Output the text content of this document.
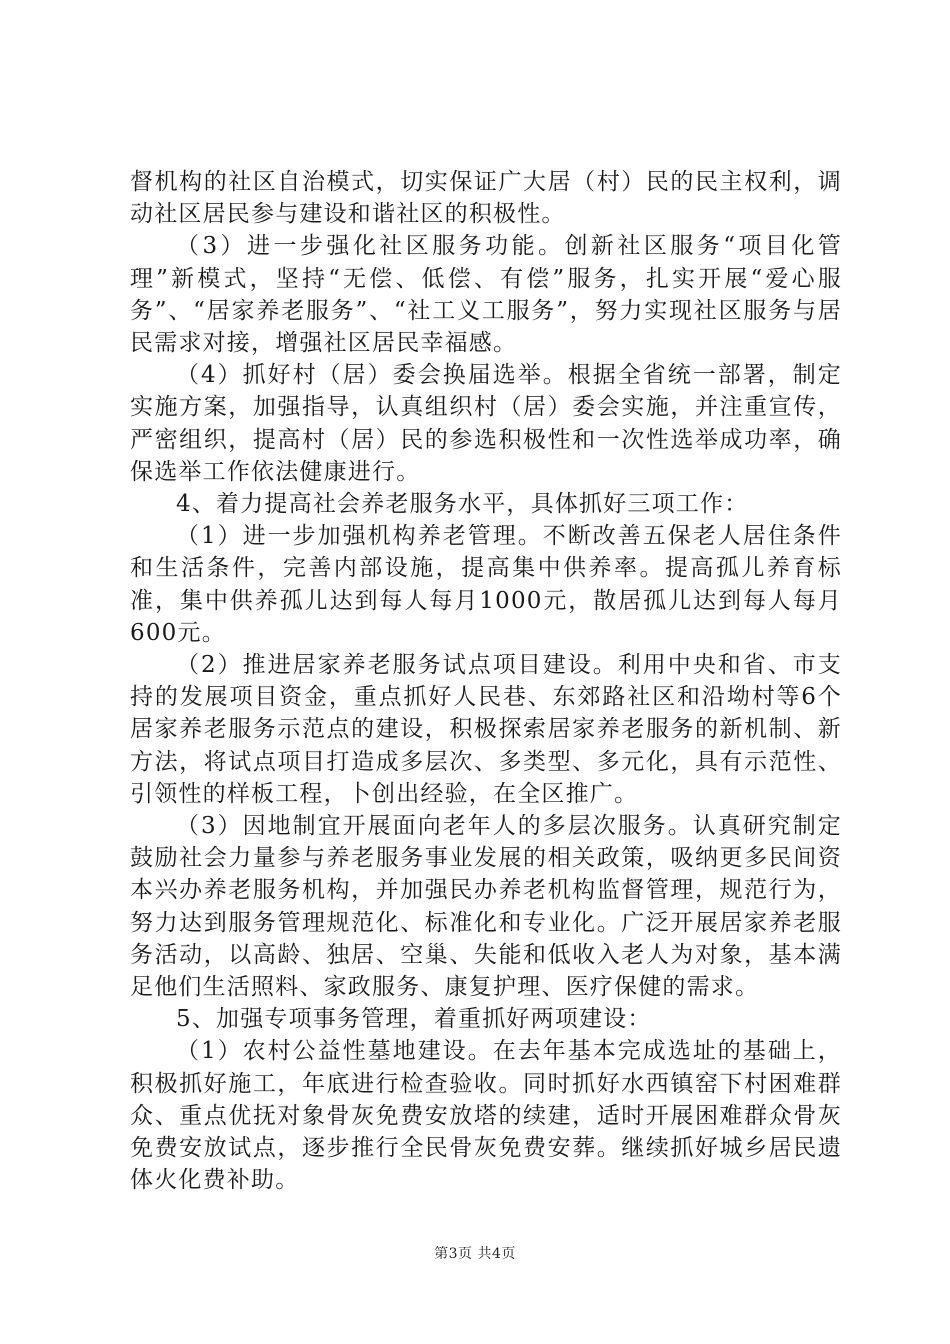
督机构的社区自治模式，切实保证广大居（村）民的民主权利，调动社区居民参与建设和谐社区的积极性。

（3）进一步强化社区服务功能。创新社区服务“项目化管理”新模式，坚持“无偿、低偿、有偿”服务，扎实开展“爱心服务”、“居家养老服务”、“社工义工服务”，努力实现社区服务与居民需求对接，增强社区居民幸福感。

（4）抓好村（居）委会换届选举。根据全省统一部署，制定实施方案，加强指导，认真组织村（居）委会实施，并注重宣传，严密组织，提高村（居）民的参选积极性和一次性选举成功率，确保选举工作依法健康进行。

4、着力提高社会养老服务水平，具体抓好三项工作：

（1）进一步加强机构养老管理。不断改善五保老人居住条件和生活条件，完善内部设施，提高集中供养率。提高孤儿养育标准，集中供养孤儿达到每人每月1000元，散居孤儿达到每人每月600元。

（2）推进居家养老服务试点项目建设。利用中央和省、市支持的发展项目资金，重点抓好人民巷、东郊路社区和沿坳村等6个居家养老服务示范点的建设，积极探索居家养老服务的新机制、新方法，将试点项目打造成多层次、多类型、多元化，具有示范性、引领性的样板工程，卜创出经验，在全区推广。

（3）因地制宜开展面向老年人的多层次服务。认真研究制定鼓励社会力量参与养老服务事业发展的相关政策，吸纳更多民间资本兴办养老服务机构，并加强民办养老机构监督管理，规范行为，努力达到服务管理规范化、标准化和专业化。广泛开展居家养老服务活动，以高龄、独居、空巢、失能和低收入老人为对象，基本满足他们生活照料、家政服务、康复护理、医疗保健的需求。

5、加强专项事务管理，着重抓好两项建设：

（1）农村公益性墓地建设。在去年基本完成选址的基础上，积极抓好施工，年底进行检查验收。同时抓好水西镇窑下村困难群众、重点优抚对象骨灰免费安放塔的续建，适时开展困难群众骨灰免费安放试点，逐步推行全民骨灰免费安葬。继续抓好城乡居民遗体火化费补助。

第3页 共4页
